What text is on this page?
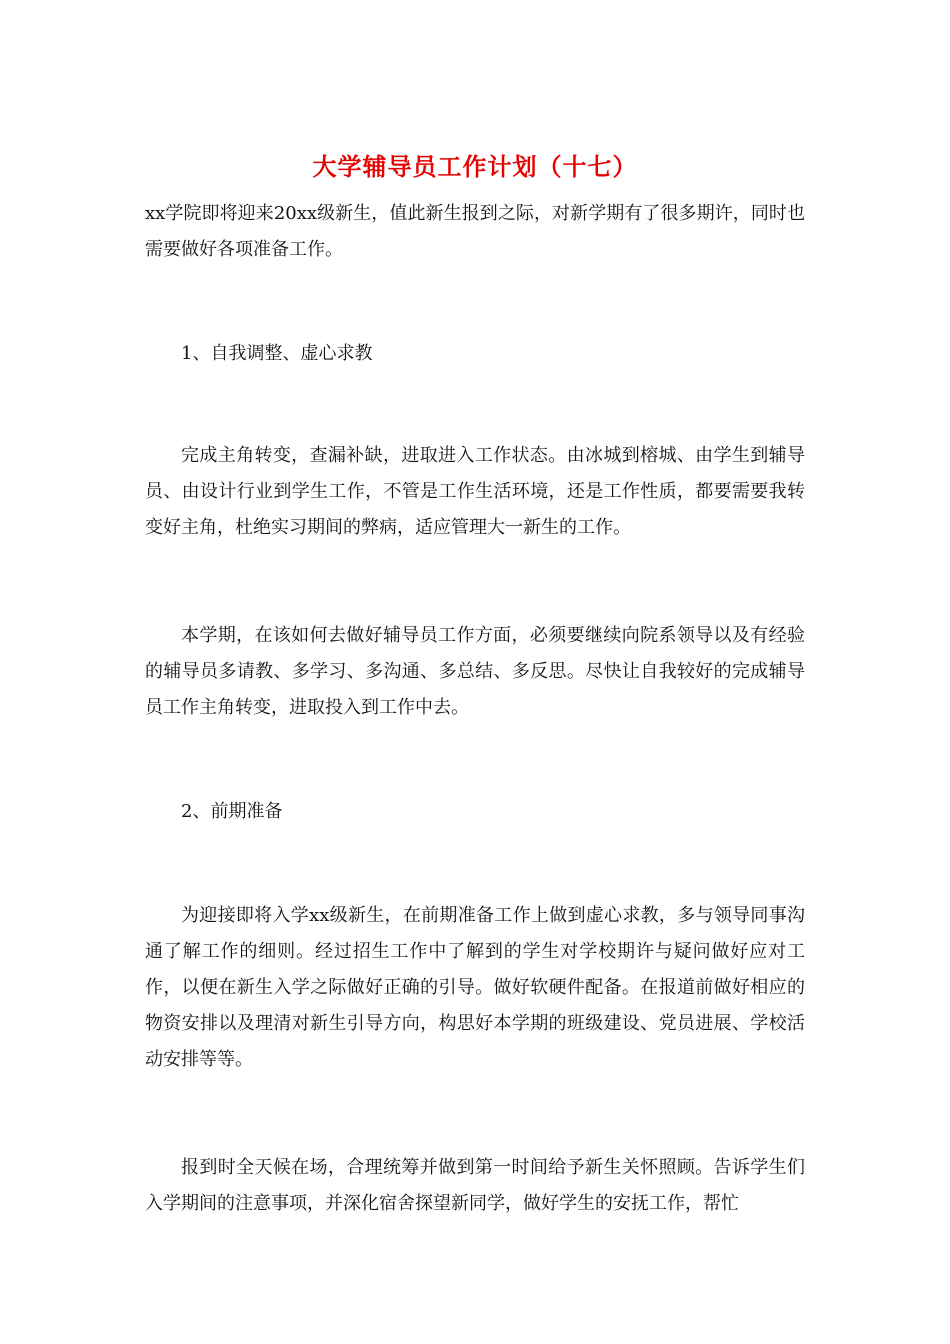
大学辅导员工作计划（十七）

xx学院即将迎来20xx级新生，值此新生报到之际，对新学期有了很多期许，同时也需要做好各项准备工作。

1、自我调整、虚心求教

完成主角转变，查漏补缺，进取进入工作状态。由冰城到榕城、由学生到辅导员、由设计行业到学生工作，不管是工作生活环境，还是工作性质，都要需要我转变好主角，杜绝实习期间的弊病，适应管理大一新生的工作。

本学期，在该如何去做好辅导员工作方面，必须要继续向院系领导以及有经验的辅导员多请教、多学习、多沟通、多总结、多反思。尽快让自我较好的完成辅导员工作主角转变，进取投入到工作中去。

2、前期准备

为迎接即将入学xx级新生，在前期准备工作上做到虚心求教，多与领导同事沟通了解工作的细则。经过招生工作中了解到的学生对学校期许与疑问做好应对工作，以便在新生入学之际做好正确的引导。做好软硬件配备。在报道前做好相应的物资安排以及理清对新生引导方向，构思好本学期的班级建设、党员进展、学校活动安排等等。

报到时全天候在场，合理统筹并做到第一时间给予新生关怀照顾。告诉学生们入学期间的注意事项，并深化宿舍探望新同学，做好学生的安抚工作，帮忙
